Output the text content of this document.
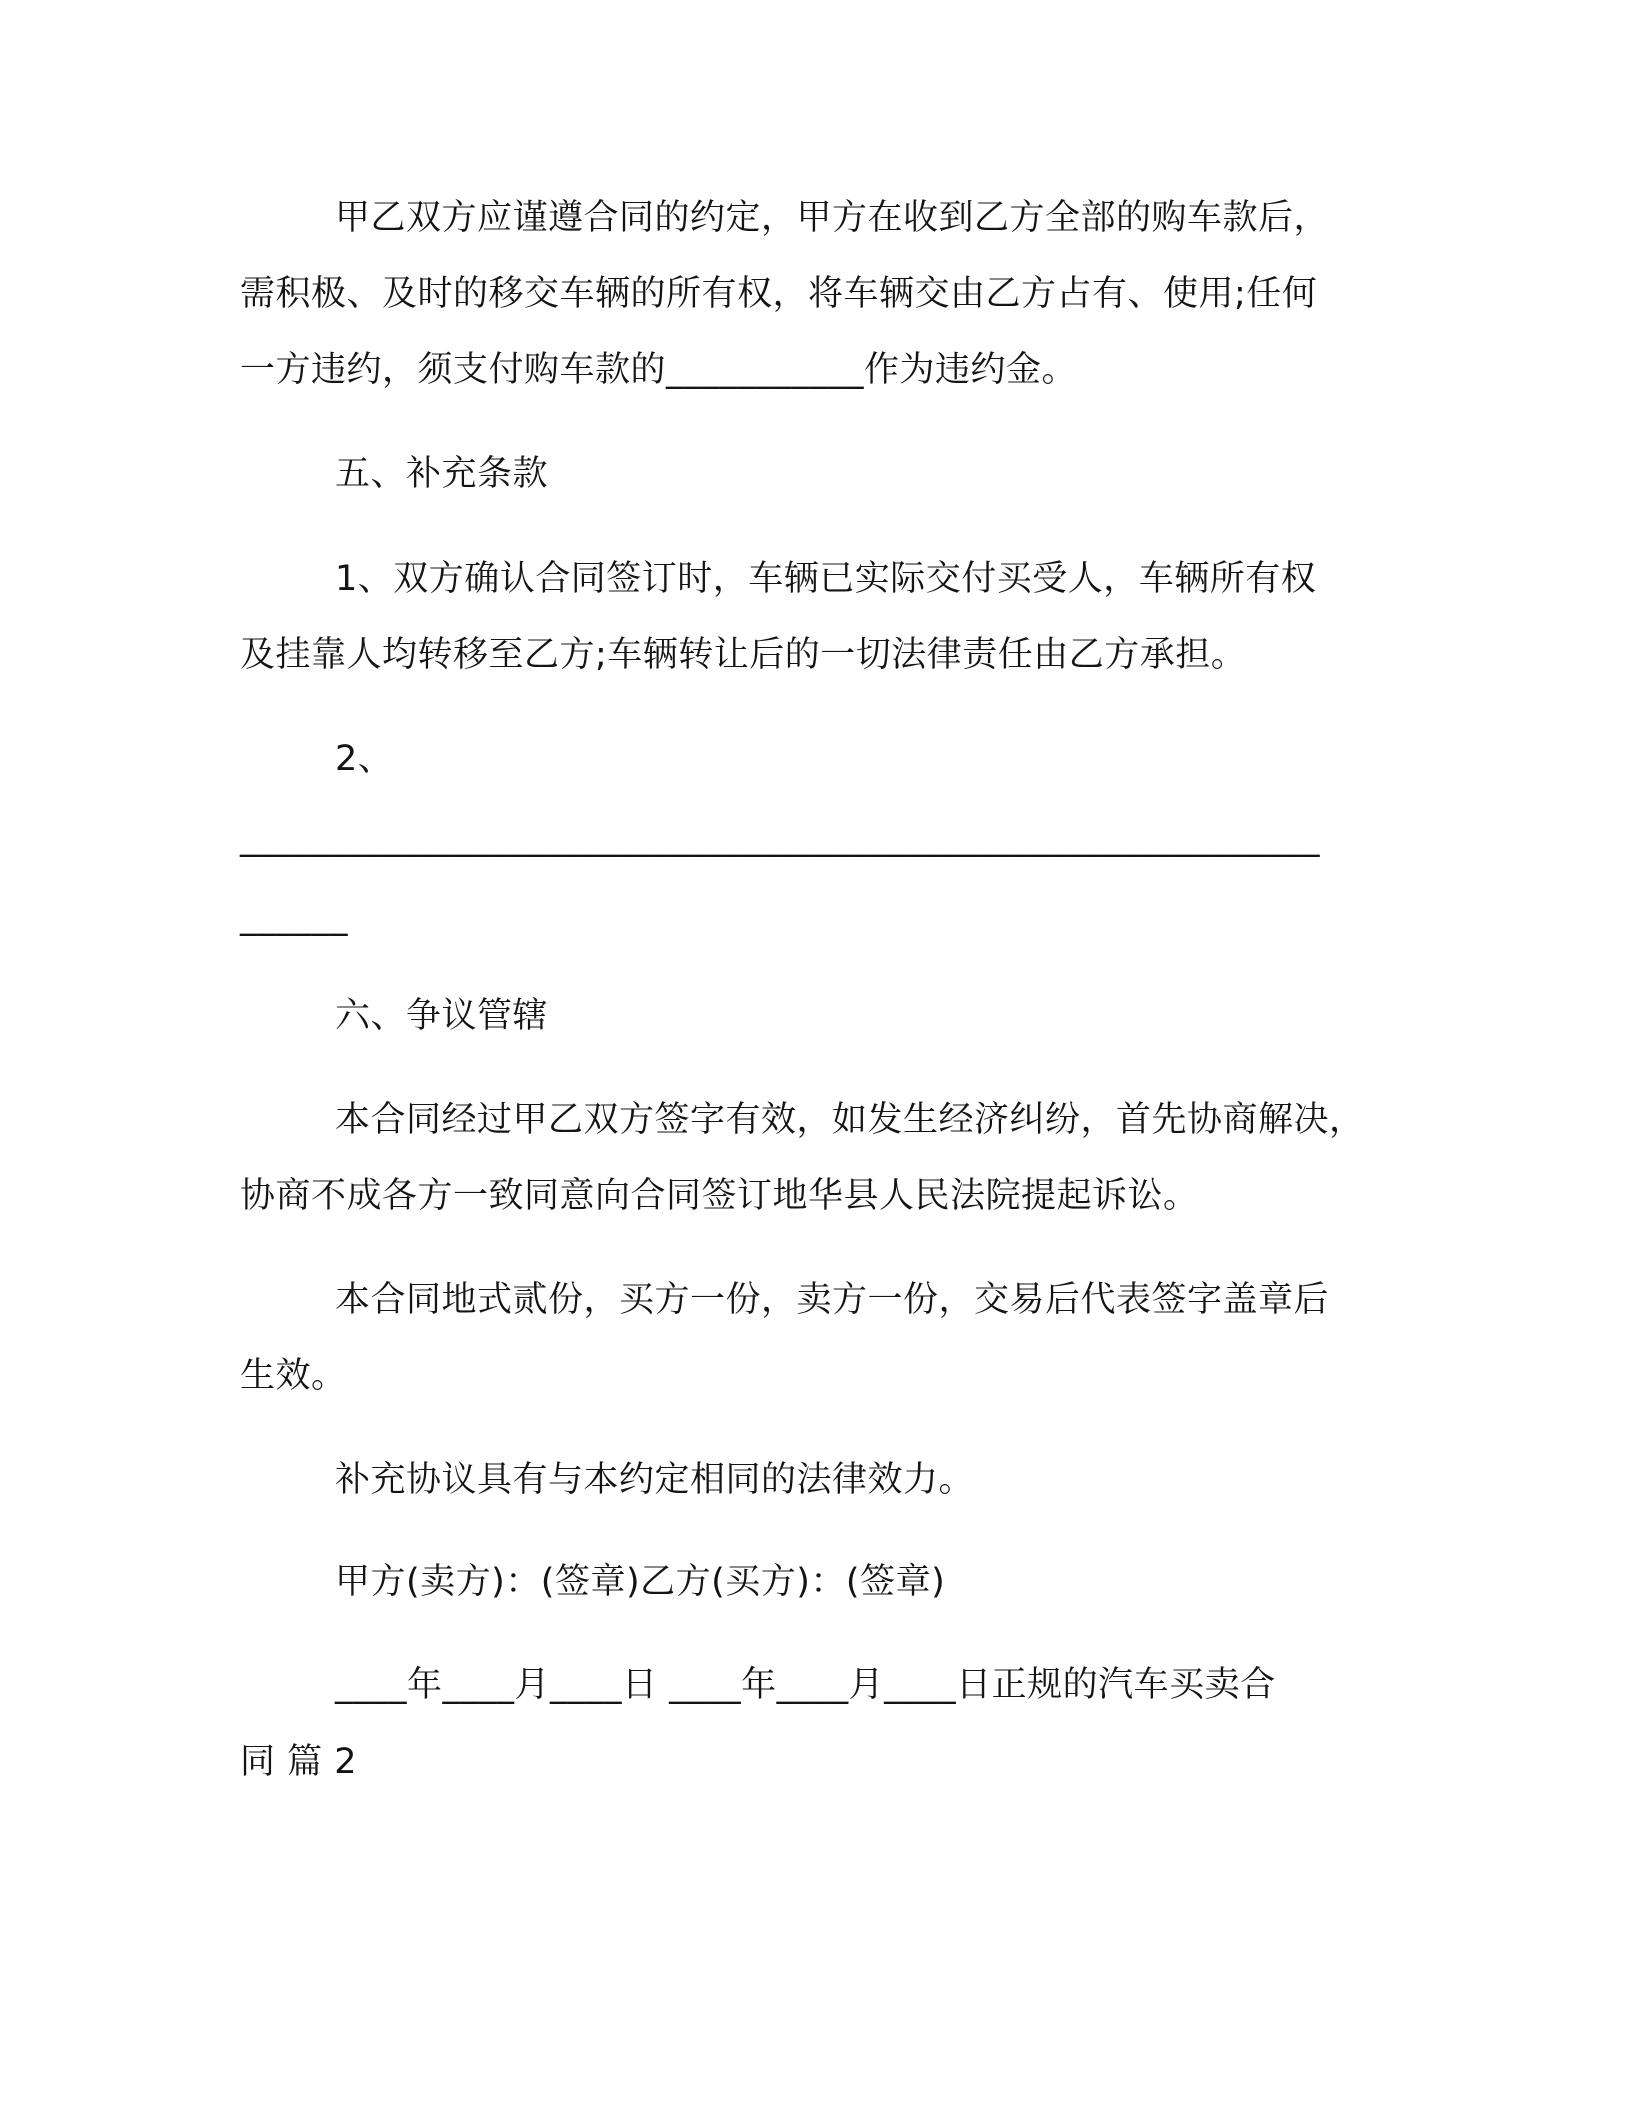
甲乙双方应谨遵合同的约定，甲方在收到乙方全部的购车款后，
需积极、及时的移交车辆的所有权，将车辆交由乙方占有、使用;任何
一方违约，须支付购车款的___________作为违约金。
五、补充条款
1、双方确认合同签订时，车辆已实际交付买受人，车辆所有权
及挂靠人均转移至乙方;车辆转让后的一切法律责任由乙方承担。
2、
____________________________________________________________
______
六、争议管辖
本合同经过甲乙双方签字有效，如发生经济纠纷，首先协商解决，
协商不成各方一致同意向合同签订地华县人民法院提起诉讼。
本合同地式贰份，买方一份，卖方一份，交易后代表签字盖章后
生效。
补充协议具有与本约定相同的法律效力。
甲方(卖方)：(签章)乙方(买方)：(签章)
____年____月____日 ____年____月____日正规的汽车买卖合
同 篇 2
